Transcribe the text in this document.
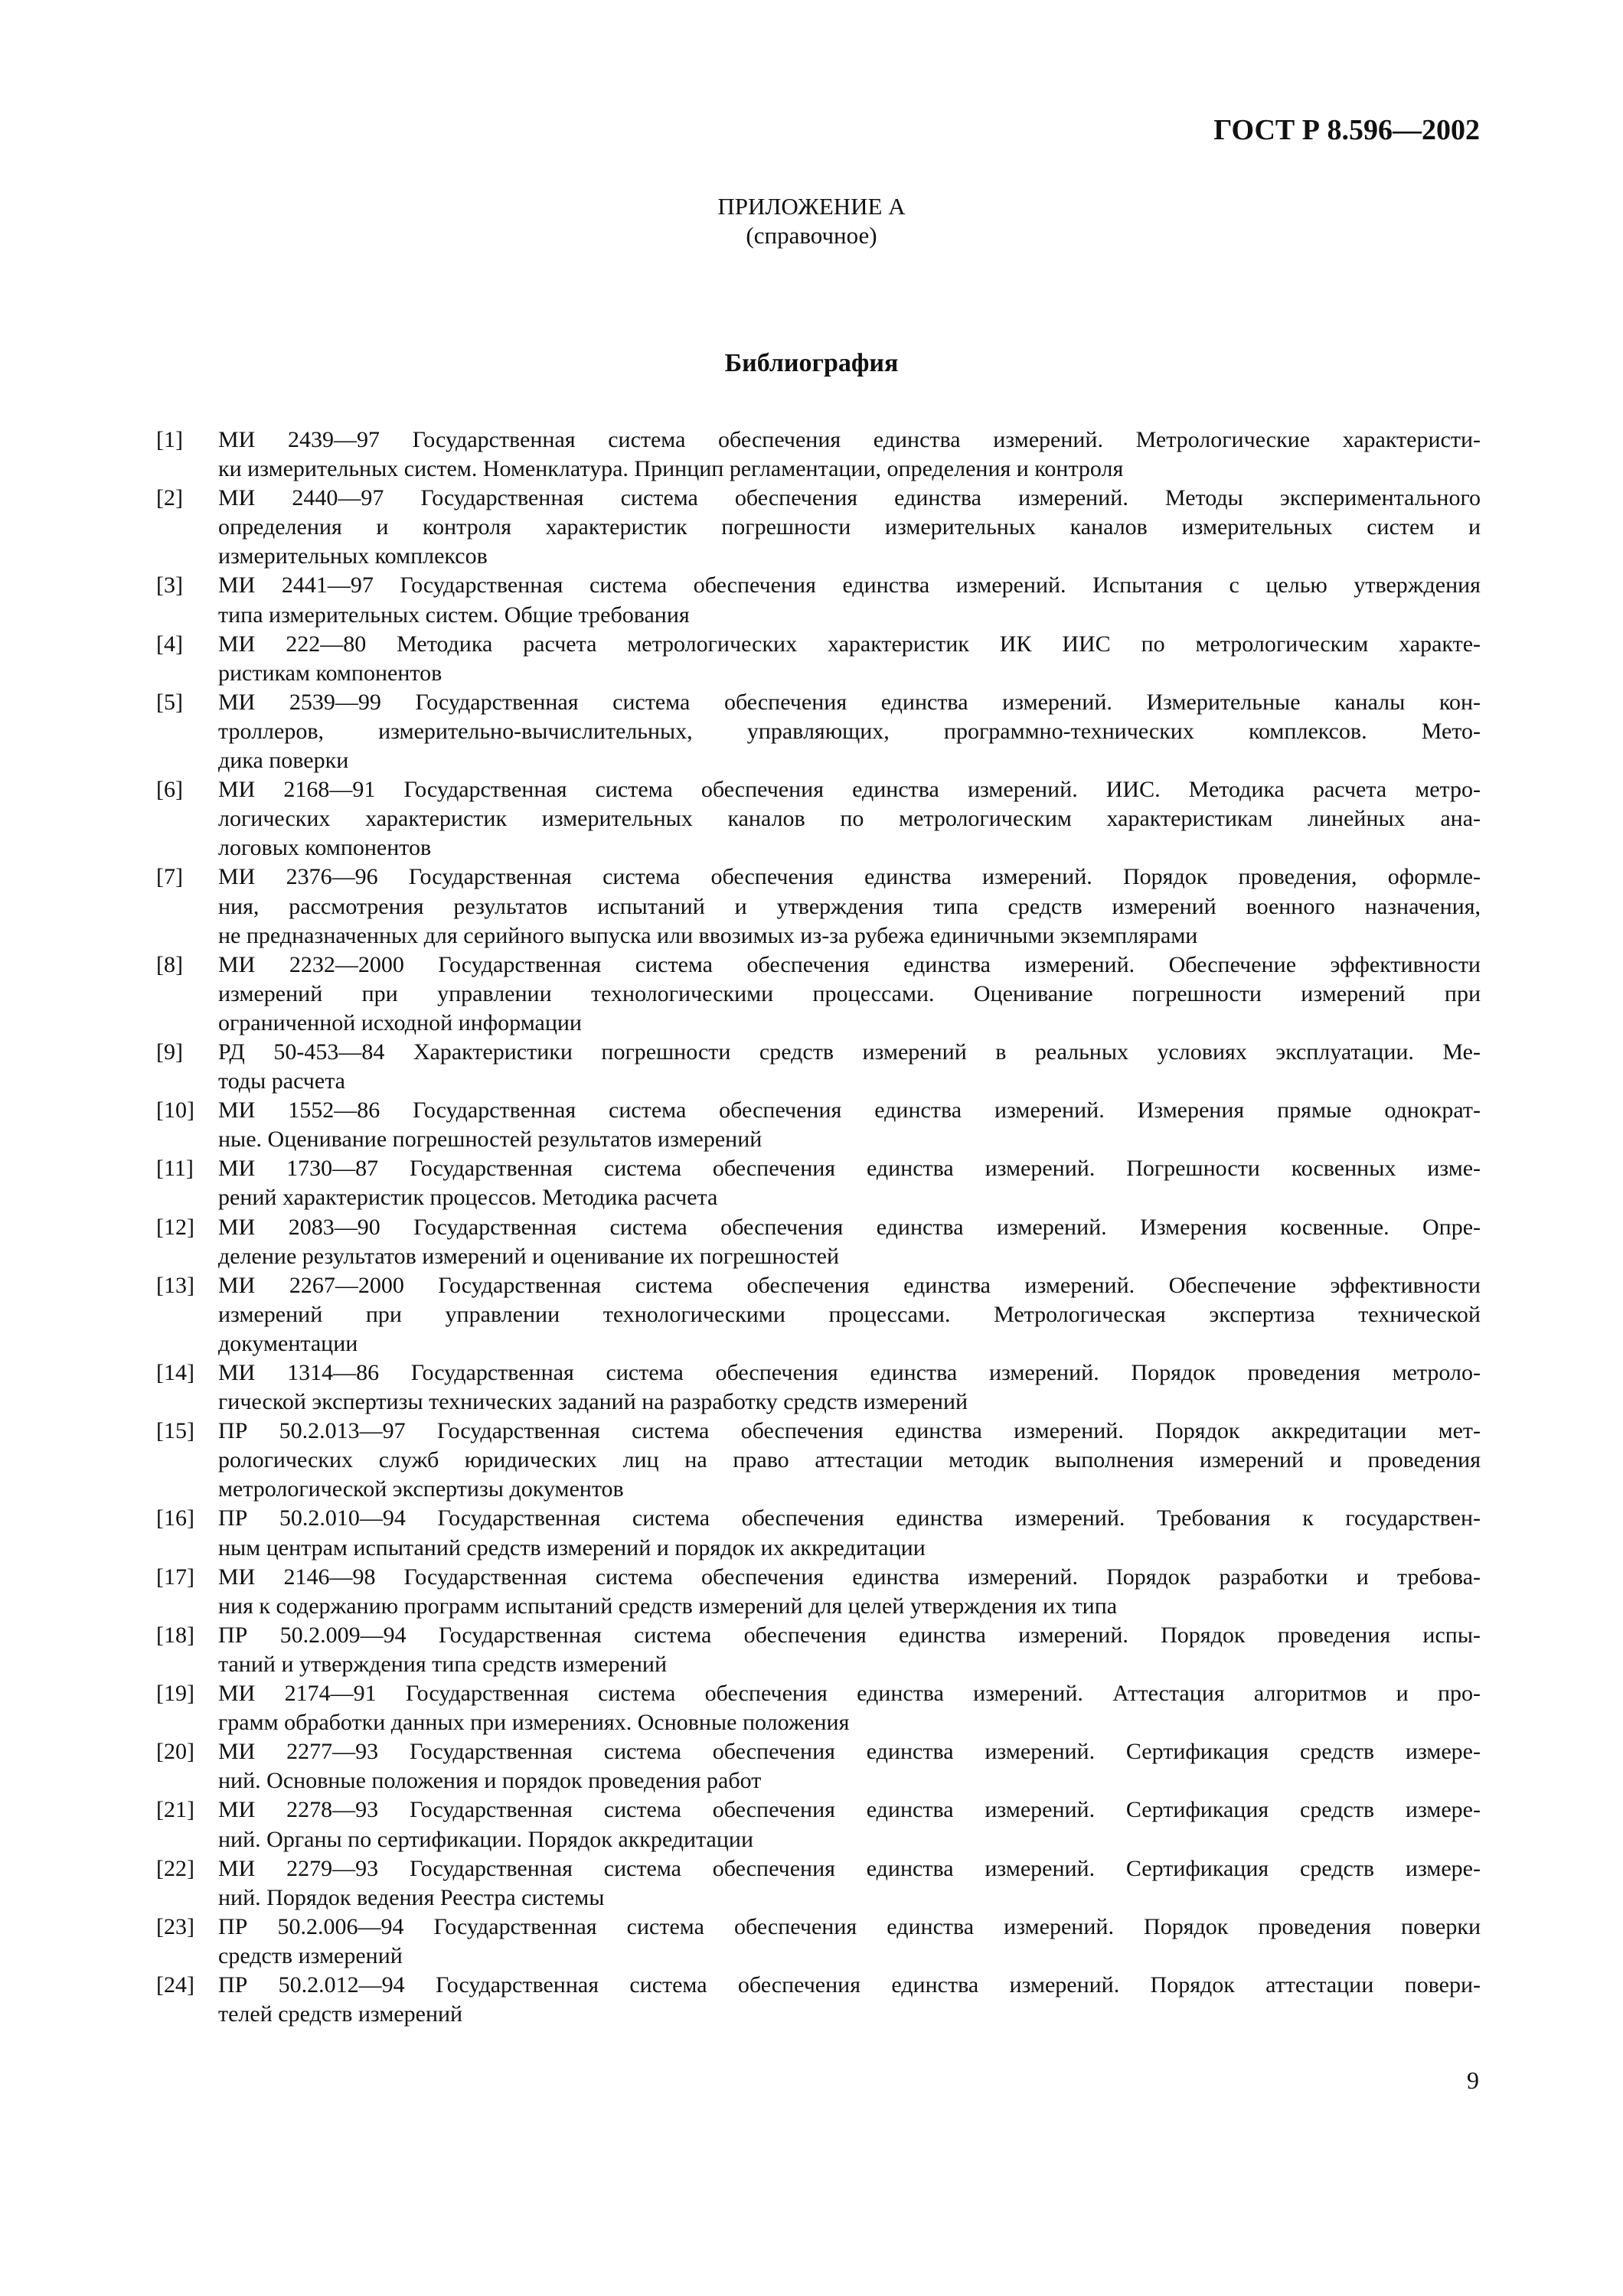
ГОСТ Р 8.596—2002
ПРИЛОЖЕНИЕ А
(справочное)
Библиография
[1] МИ 2439—97 Государственная система обеспечения единства измерений. Метрологические характеристи-
ки измерительных систем. Номенклатура. Принцип регламентации, определения и контроля
[2] МИ 2440—97 Государственная система обеспечения единства измерений. Методы экспериментального
определения и контроля характеристик погрешности измерительных каналов измерительных систем и
измерительных комплексов
[3] МИ 2441—97 Государственная система обеспечения единства измерений. Испытания с целью утверждения
типа измерительных систем. Общие требования
[4] МИ 222—80 Методика расчета метрологических характеристик ИК ИИС по метрологическим характе-
ристикам компонентов
[5] МИ 2539—99 Государственная система обеспечения единства измерений. Измерительные каналы кон-
троллеров, измерительно-вычислительных, управляющих, программно-технических комплексов. Мето-
дика поверки
[6] МИ 2168—91 Государственная система обеспечения единства измерений. ИИС. Методика расчета метро-
логических характеристик измерительных каналов по метрологическим характеристикам линейных ана-
логовых компонентов
[7] МИ 2376—96 Государственная система обеспечения единства измерений. Порядок проведения, оформле-
ния, рассмотрения результатов испытаний и утверждения типа средств измерений военного назначения,
не предназначенных для серийного выпуска или ввозимых из-за рубежа единичными экземплярами
[8] МИ 2232—2000 Государственная система обеспечения единства измерений. Обеспечение эффективности
измерений при управлении технологическими процессами. Оценивание погрешности измерений при
ограниченной исходной информации
[9] РД 50-453—84 Характеристики погрешности средств измерений в реальных условиях эксплуатации. Ме-
тоды расчета
[10] МИ 1552—86 Государственная система обеспечения единства измерений. Измерения прямые однократ-
ные. Оценивание погрешностей результатов измерений
[11] МИ 1730—87 Государственная система обеспечения единства измерений. Погрешности косвенных изме-
рений характеристик процессов. Методика расчета
[12] МИ 2083—90 Государственная система обеспечения единства измерений. Измерения косвенные. Опре-
деление результатов измерений и оценивание их погрешностей
[13] МИ 2267—2000 Государственная система обеспечения единства измерений. Обеспечение эффективности
измерений при управлении технологическими процессами. Метрологическая экспертиза технической
документации
[14] МИ 1314—86 Государственная система обеспечения единства измерений. Порядок проведения метроло-
гической экспертизы технических заданий на разработку средств измерений
[15] ПР 50.2.013—97 Государственная система обеспечения единства измерений. Порядок аккредитации мет-
рологических служб юридических лиц на право аттестации методик выполнения измерений и проведения
метрологической экспертизы документов
[16] ПР 50.2.010—94 Государственная система обеспечения единства измерений. Требования к государствен-
ным центрам испытаний средств измерений и порядок их аккредитации
[17] МИ 2146—98 Государственная система обеспечения единства измерений. Порядок разработки и требова-
ния к содержанию программ испытаний средств измерений для целей утверждения их типа
[18] ПР 50.2.009—94 Государственная система обеспечения единства измерений. Порядок проведения испы-
таний и утверждения типа средств измерений
[19] МИ 2174—91 Государственная система обеспечения единства измерений. Аттестация алгоритмов и про-
грамм обработки данных при измерениях. Основные положения
[20] МИ 2277—93 Государственная система обеспечения единства измерений. Сертификация средств измере-
ний. Основные положения и порядок проведения работ
[21] МИ 2278—93 Государственная система обеспечения единства измерений. Сертификация средств измере-
ний. Органы по сертификации. Порядок аккредитации
[22] МИ 2279—93 Государственная система обеспечения единства измерений. Сертификация средств измере-
ний. Порядок ведения Реестра системы
[23] ПР 50.2.006—94 Государственная система обеспечения единства измерений. Порядок проведения поверки
средств измерений
[24] ПР 50.2.012—94 Государственная система обеспечения единства измерений. Порядок аттестации повери-
телей средств измерений
9
